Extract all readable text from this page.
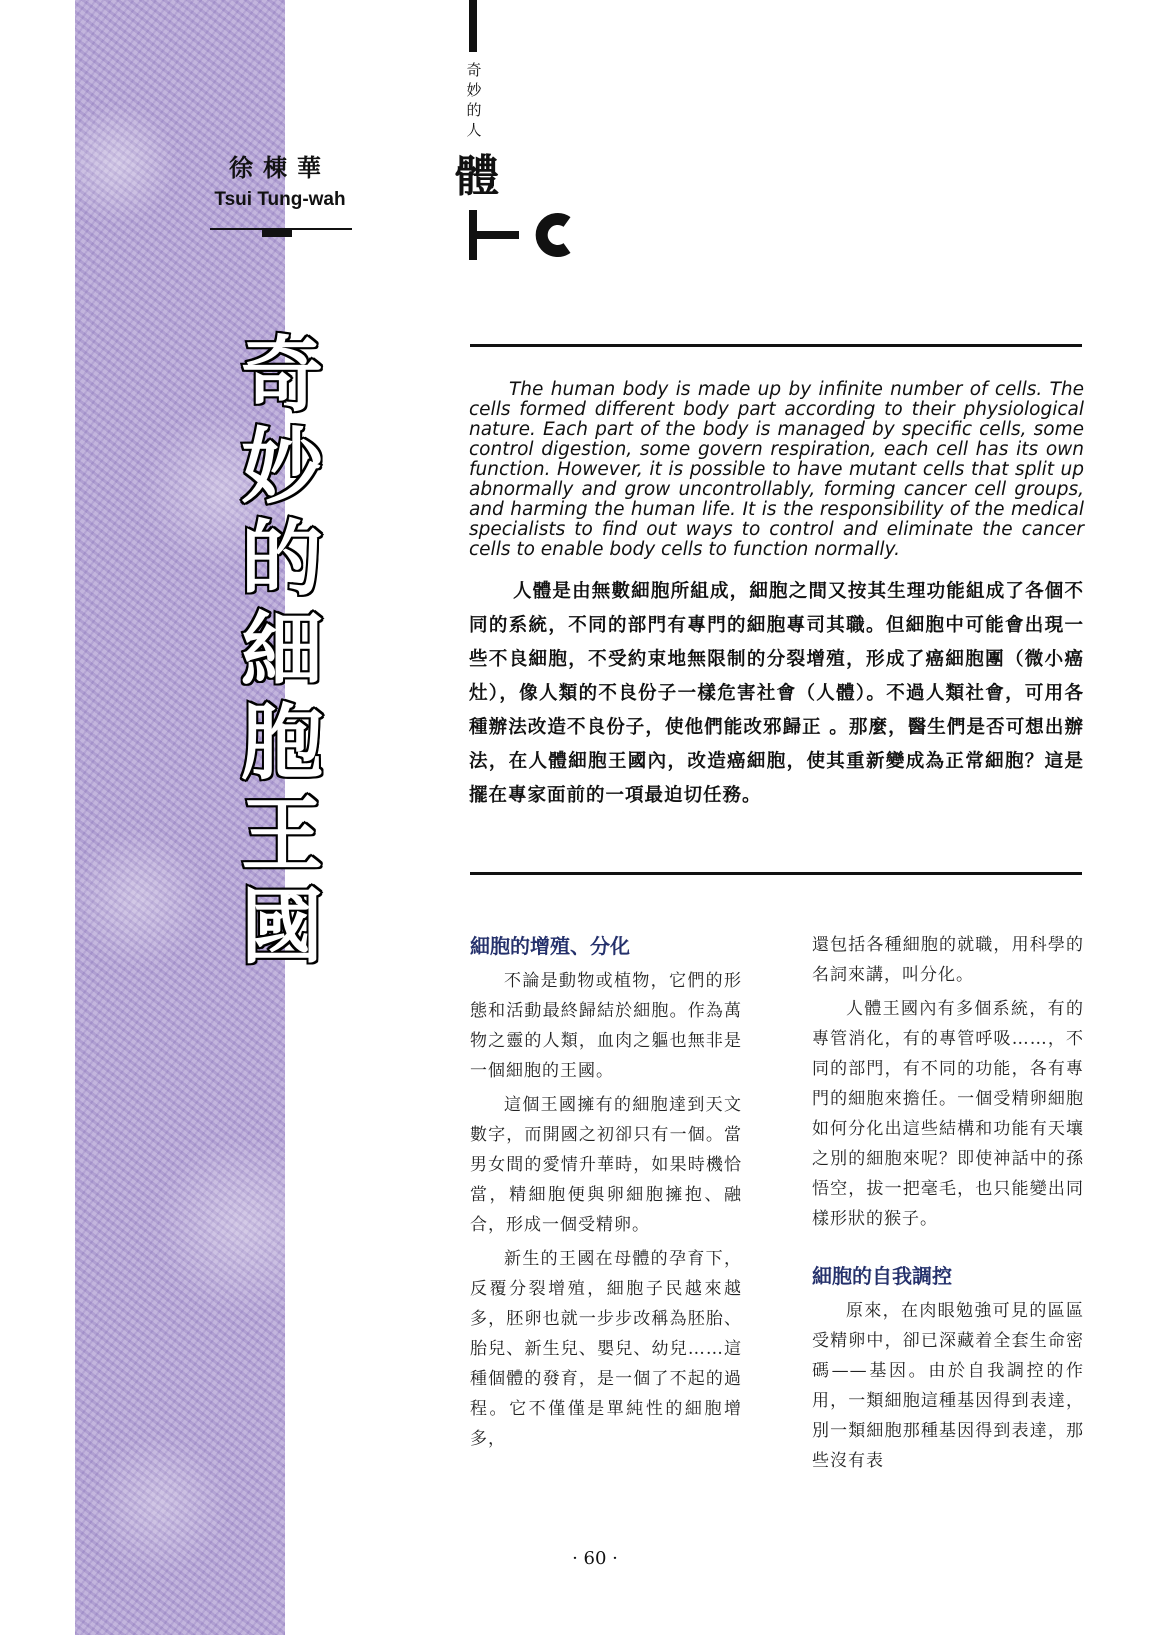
徐棟華
Tsui Tung-wah
奇
妙
的
細
胞
王
國
奇
妙
的
人
體
HC

The human body is made up by infinite number of cells. The cells formed different body part according to their physiological nature. Each part of the body is managed by specific cells, some control digestion, some govern respiration, each cell has its own function. However, it is possible to have mutant cells that split up abnormally and grow uncontrollably, forming cancer cell groups, and harming the human life. It is the responsibility of the medical specialists to find out ways to control and eliminate the cancer cells to enable body cells to function normally.

人體是由無數細胞所組成，細胞之間又按其生理功能組成了各個不同的系統，不同的部門有專門的細胞專司其職。但細胞中可能會出現一些不良細胞，不受約束地無限制的分裂增殖，形成了癌細胞團（微小癌灶），像人類的不良份子一樣危害社會（人體）。不過人類社會，可用各種辦法改造不良份子，使他們能改邪歸正 。那麼，醫生們是否可想出辦法，在人體細胞王國內，改造癌細胞，使其重新變成為正常細胞？這是擺在專家面前的一項最迫切任務。

細胞的增殖、分化

不論是動物或植物，它們的形態和活動最終歸結於細胞。作為萬物之靈的人類，血肉之軀也無非是一個細胞的王國。

這個王國擁有的細胞達到天文數字，而開國之初卻只有一個。當男女間的愛情升華時，如果時機恰當，精細胞便與卵細胞擁抱、融合，形成一個受精卵。

新生的王國在母體的孕育下，反覆分裂增殖，細胞子民越來越多，胚卵也就一步步改稱為胚胎、胎兒、新生兒、嬰兒、幼兒……這種個體的發育，是一個了不起的過程。它不僅僅是單純性的細胞增多，

還包括各種細胞的就職，用科學的名詞來講，叫分化。

人體王國內有多個系統，有的專管消化，有的專管呼吸……，不同的部門，有不同的功能，各有專門的細胞來擔任。一個受精卵細胞如何分化出這些結構和功能有天壤之別的細胞來呢？即使神話中的孫悟空，拔一把毫毛，也只能變出同樣形狀的猴子。

細胞的自我調控

原來，在肉眼勉強可見的區區受精卵中，卻已深藏着全套生命密碼——基因。由於自我調控的作用，一類細胞這種基因得到表達，別一類細胞那種基因得到表達，那些沒有表

· 60 ·
